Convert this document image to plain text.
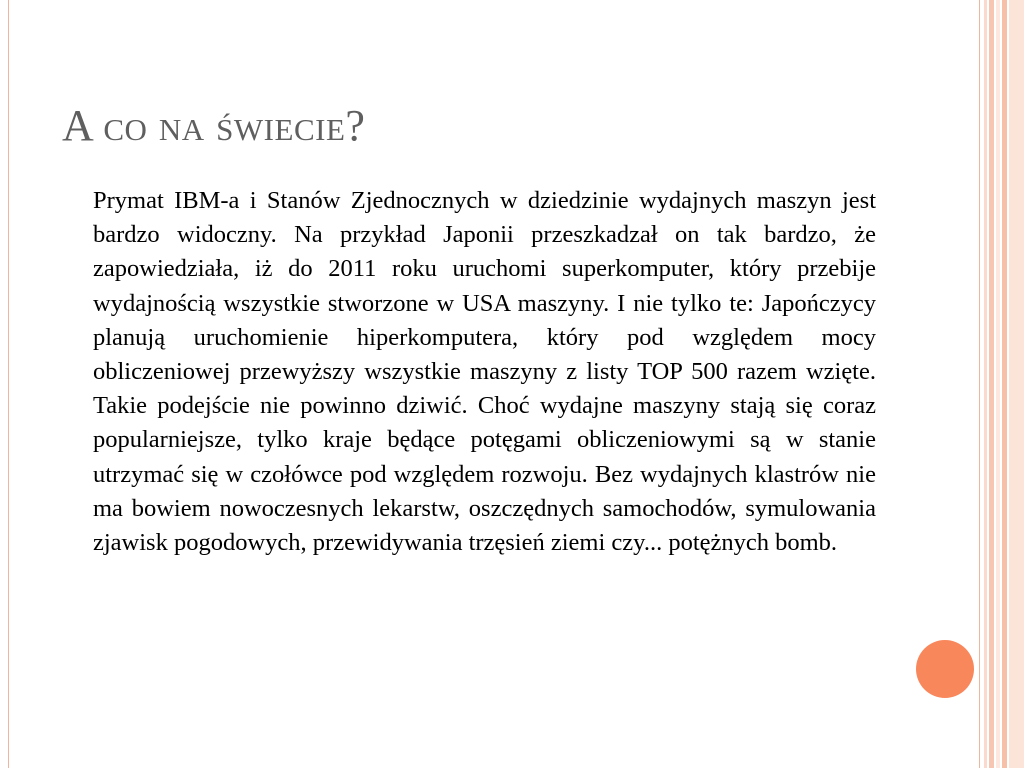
A co na świecie?

Prymat IBM-a i Stanów Zjednocznych w dziedzinie wydajnych maszyn jest bardzo widoczny. Na przykład Japonii przeszkadzał on tak bardzo, że zapowiedziała, iż do 2011 roku uruchomi superkomputer, który przebije wydajnością wszystkie stworzone w USA maszyny. I nie tylko te: Japończycy planują uruchomienie hiperkomputera, który pod względem mocy obliczeniowej przewyższy wszystkie maszyny z listy TOP 500 razem wzięte. Takie podejście nie powinno dziwić. Choć wydajne maszyny stają się coraz popularniejsze, tylko kraje będące potęgami obliczeniowymi są w stanie utrzymać się w czołówce pod względem rozwoju. Bez wydajnych klastrów nie ma bowiem nowoczesnych lekarstw, oszczędnych samochodów, symulowania zjawisk pogodowych, przewidywania trzęsień ziemi czy... potężnych bomb.
